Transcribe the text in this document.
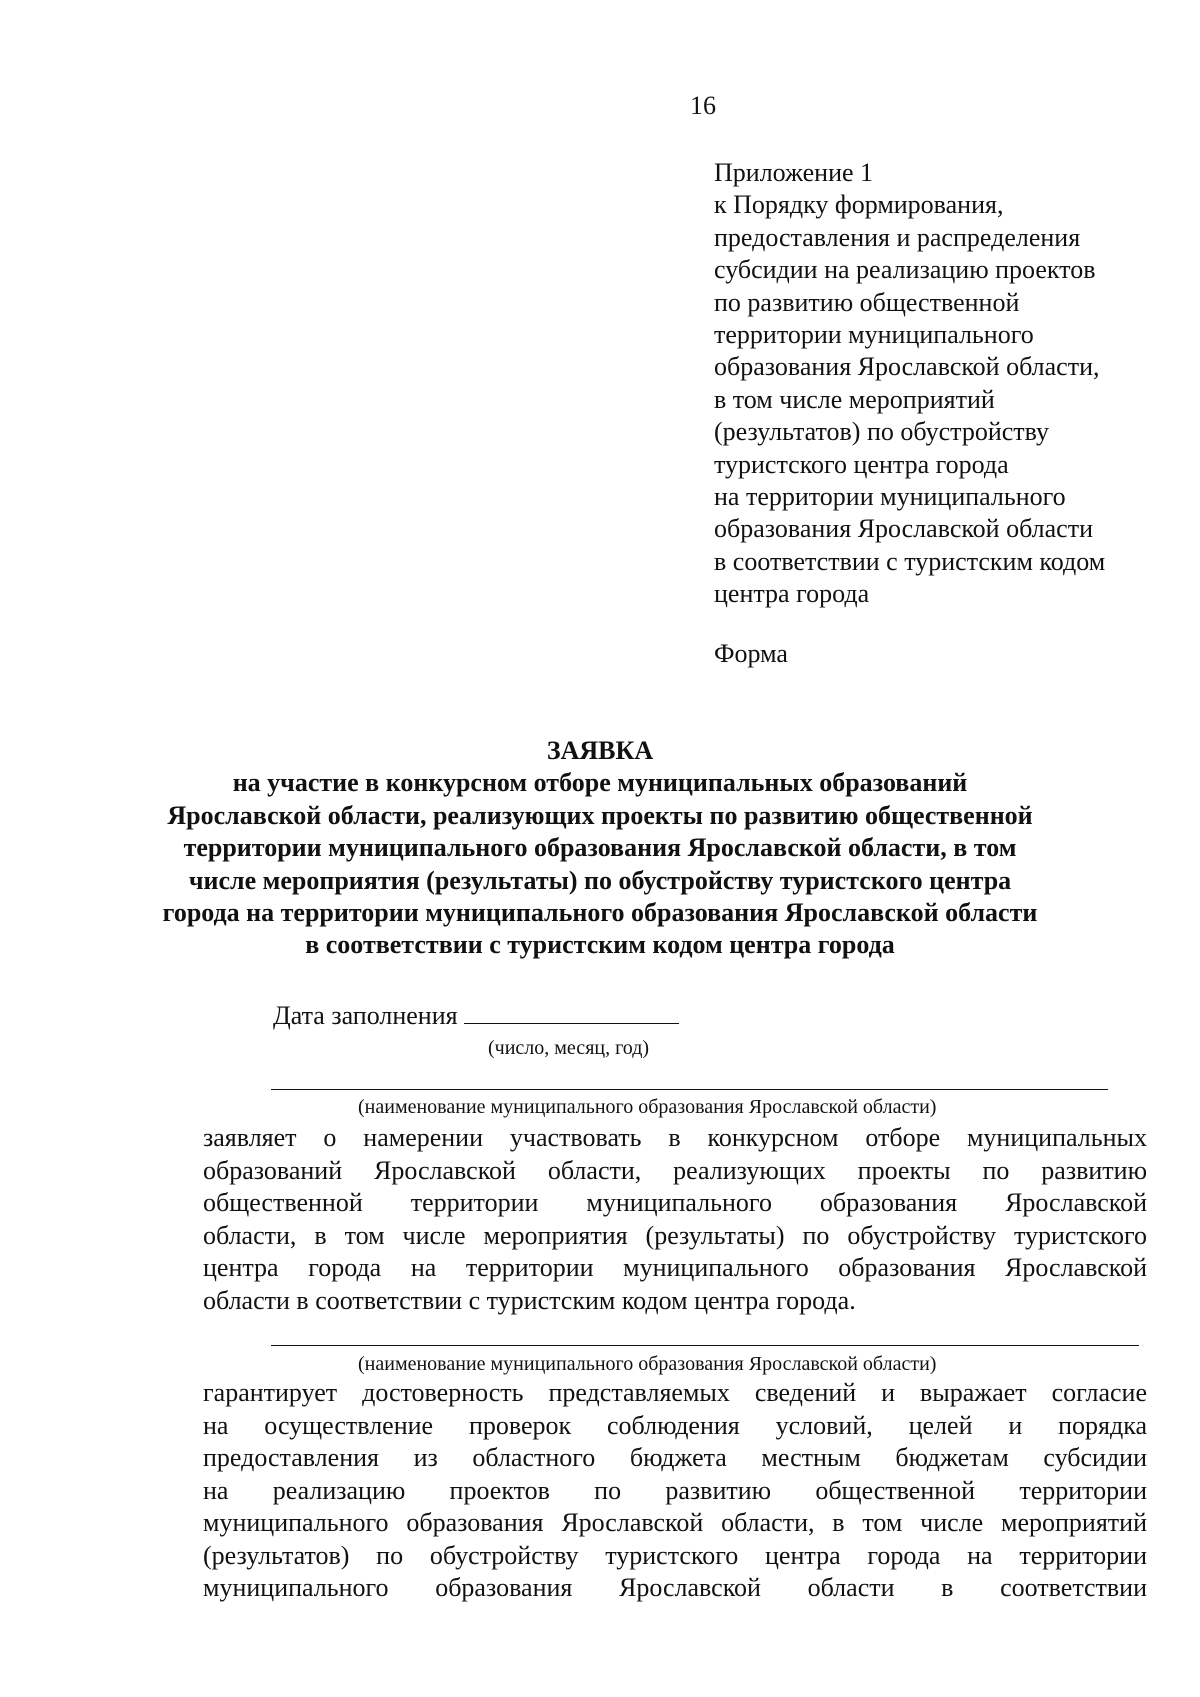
16
Приложение 1
к Порядку формирования,
предоставления и распределения
субсидии на реализацию проектов
по развитию общественной
территории муниципального
образования Ярославской области,
в том числе мероприятий
(результатов) по обустройству
туристского центра города
на территории муниципального
образования Ярославской области
в соответствии с туристским кодом
центра города
Форма
ЗАЯВКА
на участие в конкурсном отборе муниципальных образований
Ярославской области, реализующих проекты по развитию общественной
территории муниципального образования Ярославской области, в том
числе мероприятия (результаты) по обустройству туристского центра
города на территории муниципального образования Ярославской области
в соответствии с туристским кодом центра города
Дата заполнения
(число, месяц, год)
(наименование муниципального образования Ярославской области)
заявляет о намерении участвовать в конкурсном отборе муниципальных
образований Ярославской области, реализующих проекты по развитию
общественной территории муниципального образования Ярославской
области, в том числе мероприятия (результаты) по обустройству туристского
центра города на территории муниципального образования Ярославской
области в соответствии с туристским кодом центра города.
(наименование муниципального образования Ярославской области)
гарантирует достоверность представляемых сведений и выражает согласие
на осуществление проверок соблюдения условий, целей и порядка
предоставления из областного бюджета местным бюджетам субсидии
на реализацию проектов по развитию общественной территории
муниципального образования Ярославской области, в том числе мероприятий
(результатов) по обустройству туристского центра города на территории
муниципального образования Ярославской области в соответствии
